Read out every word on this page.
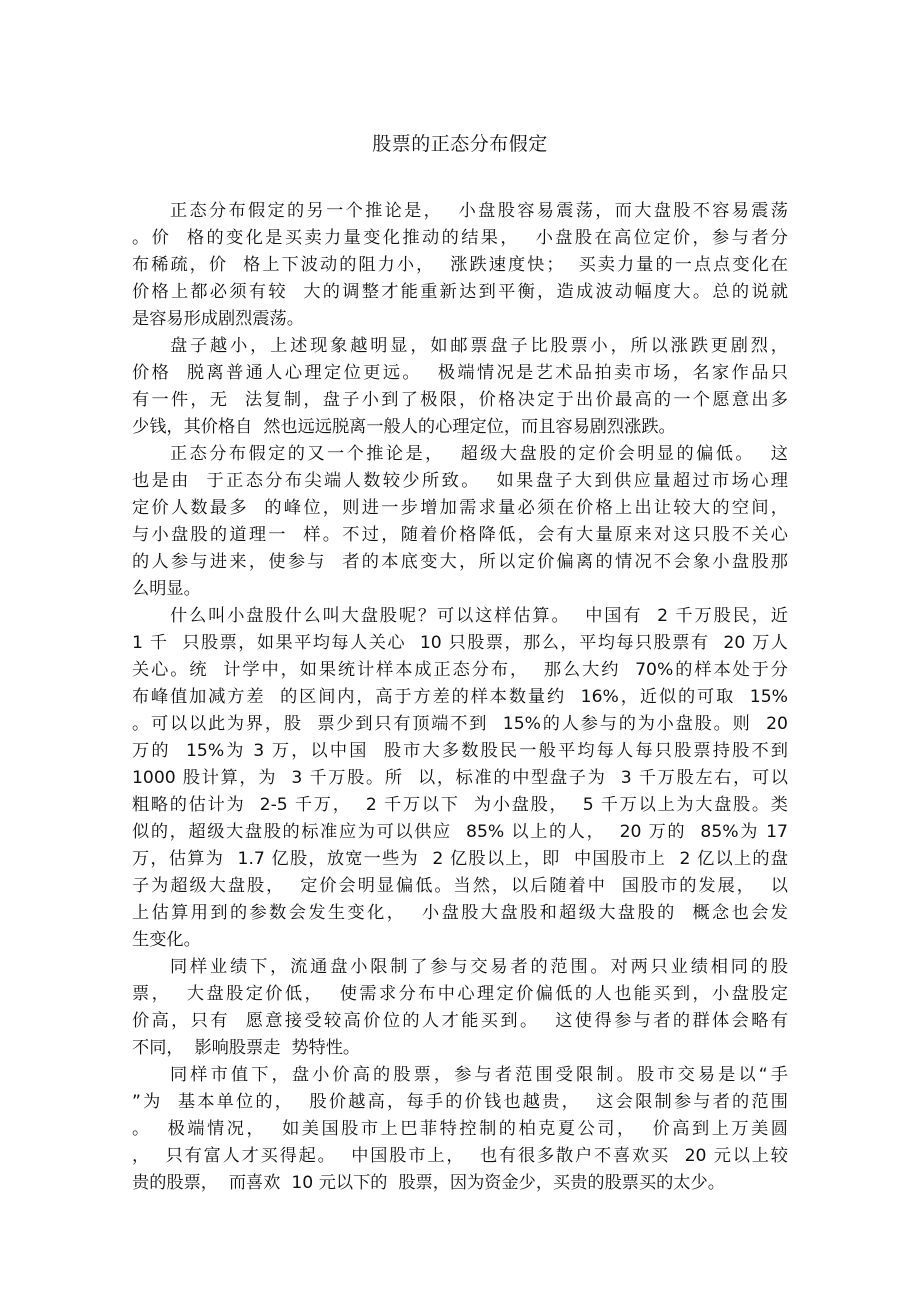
股票的正态分布假定
正态分布假定的另一个推论是，  小盘股容易震荡，而大盘股不容易震荡
。价  格的变化是买卖力量变化推动的结果，  小盘股在高位定价，参与者分
布稀疏，价  格上下波动的阻力小，  涨跌速度快；  买卖力量的一点点变化在
价格上都必须有较  大的调整才能重新达到平衡，造成波动幅度大。总的说就
是容易形成剧烈震荡。
盘子越小，上述现象越明显，如邮票盘子比股票小，所以涨跌更剧烈，
价格  脱离普通人心理定位更远。  极端情况是艺术品拍卖市场，名家作品只
有一件，无  法复制，盘子小到了极限，价格决定于出价最高的一个愿意出多
少钱，其价格自  然也远远脱离一般人的心理定位，而且容易剧烈涨跌。
正态分布假定的又一个推论是，  超级大盘股的定价会明显的偏低。  这
也是由  于正态分布尖端人数较少所致。  如果盘子大到供应量超过市场心理
定价人数最多  的峰位，则进一步增加需求量必须在价格上出让较大的空间，
与小盘股的道理一  样。不过，随着价格降低，会有大量原来对这只股不关心
的人参与进来，使参与  者的本底变大，所以定价偏离的情况不会象小盘股那
么明显。
什么叫小盘股什么叫大盘股呢？可以这样估算。  中国有  2 千万股民，近
1 千  只股票，如果平均每人关心  10 只股票，那么，平均每只股票有  20 万人
关心。统  计学中，如果统计样本成正态分布，  那么大约  70%的样本处于分
布峰值加减方差  的区间内，高于方差的样本数量约  16%，近似的可取  15%
。可以以此为界，股  票少到只有顶端不到  15%的人参与的为小盘股。则  20
万的  15%为 3 万，以中国  股市大多数股民一般平均每人每只股票持股不到
1000 股计算，为  3 千万股。所  以，标准的中型盘子为  3 千万股左右，可以
粗略的估计为  2-5 千万，  2 千万以下  为小盘股，  5 千万以上为大盘股。类
似的，超级大盘股的标准应为可以供应  85% 以上的人，  20 万的  85%为 17
万，估算为  1.7 亿股，放宽一些为  2 亿股以上，即  中国股市上  2 亿以上的盘
子为超级大盘股，  定价会明显偏低。当然，以后随着中  国股市的发展，  以
上估算用到的参数会发生变化，  小盘股大盘股和超级大盘股的  概念也会发
生变化。
同样业绩下，流通盘小限制了参与交易者的范围。对两只业绩相同的股
票，  大盘股定价低，  使需求分布中心理定价偏低的人也能买到，小盘股定
价高，只有  愿意接受较高价位的人才能买到。  这使得参与者的群体会略有
不同，  影响股票走  势特性。
同样市值下，盘小价高的股票，参与者范围受限制。股市交易是以“手
”为  基本单位的，  股价越高，每手的价钱也越贵，  这会限制参与者的范围
。  极端情况，  如美国股市上巴菲特控制的柏克夏公司，  价高到上万美圆
，  只有富人才买得起。  中国股市上，  也有很多散户不喜欢买  20 元以上较
贵的股票，  而喜欢  10 元以下的  股票，因为资金少，买贵的股票买的太少。
